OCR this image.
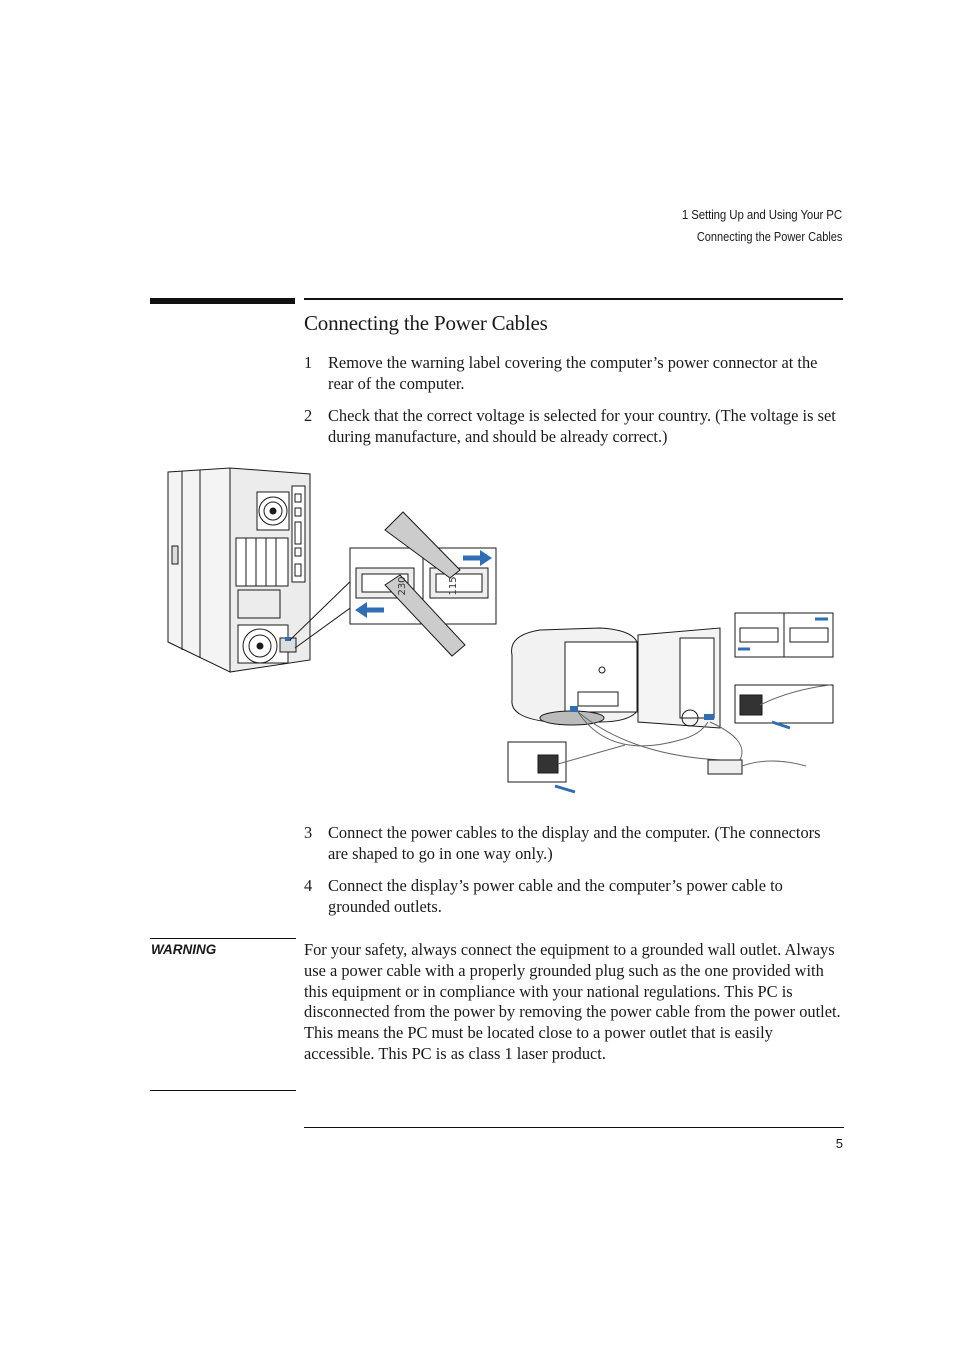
1 Setting Up and Using Your PC
Connecting the Power Cables
Connecting the Power Cables
1 Remove the warning label covering the computer’s power connector at the rear of the computer.
2 Check that the correct voltage is selected for your country. (The voltage is set during manufacture, and should be already correct.)
230	115
3 Connect the power cables to the display and the computer. (The connectors are shaped to go in one way only.)
4 Connect the display’s power cable and the computer’s power cable to grounded outlets.
WARNING	For your safety, always connect the equipment to a grounded wall outlet. Always use a power cable with a properly grounded plug such as the one provided with this equipment or in compliance with your national regulations. This PC is disconnected from the power by removing the power cable from the power outlet. This means the PC must be located close to a power outlet that is easily accessible. This PC is as class 1 laser product.

5
